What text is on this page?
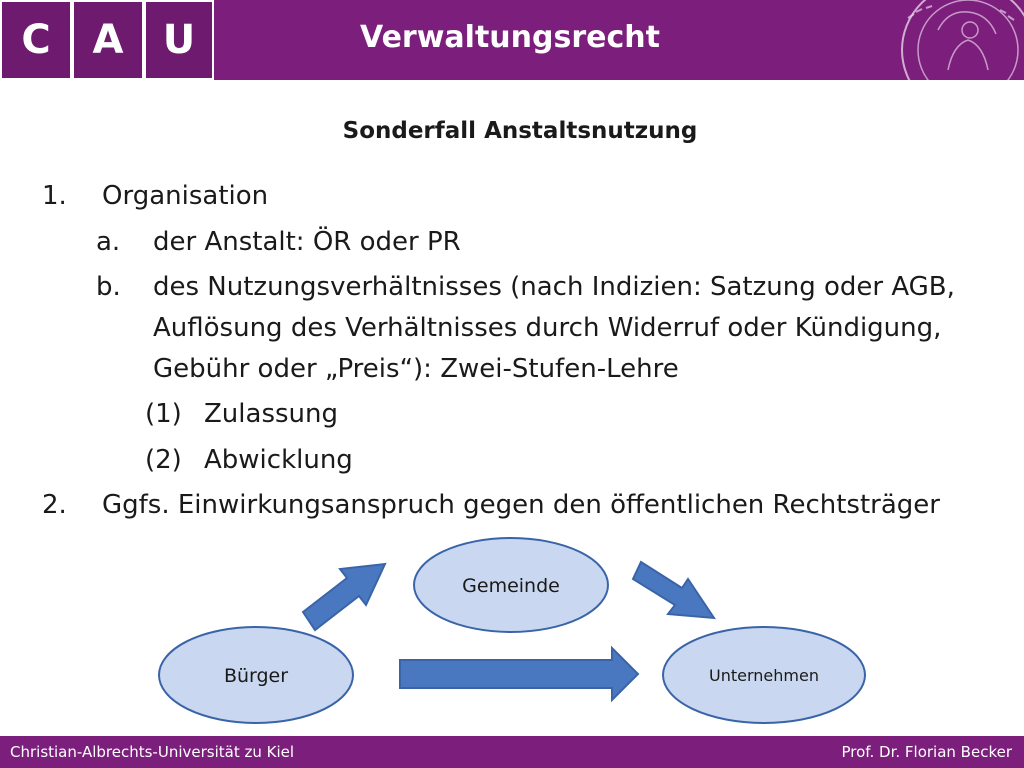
C A U	Verwaltungsrecht
Sonderfall Anstaltsnutzung
1. Organisation
a. der Anstalt: ÖR oder PR
b. des Nutzungsverhältnisses (nach Indizien: Satzung oder AGB,
Auflösung des Verhältnisses durch Widerruf oder Kündigung,
Gebühr oder „Preis“): Zwei-Stufen-Lehre
(1) Zulassung
(2) Abwicklung
2. Ggfs. Einwirkungsanspruch gegen den öffentlichen Rechtsträger
Gemeinde
Bürger	Unternehmen
Christian-Albrechts-Universität zu Kiel	Prof. Dr. Florian Becker
